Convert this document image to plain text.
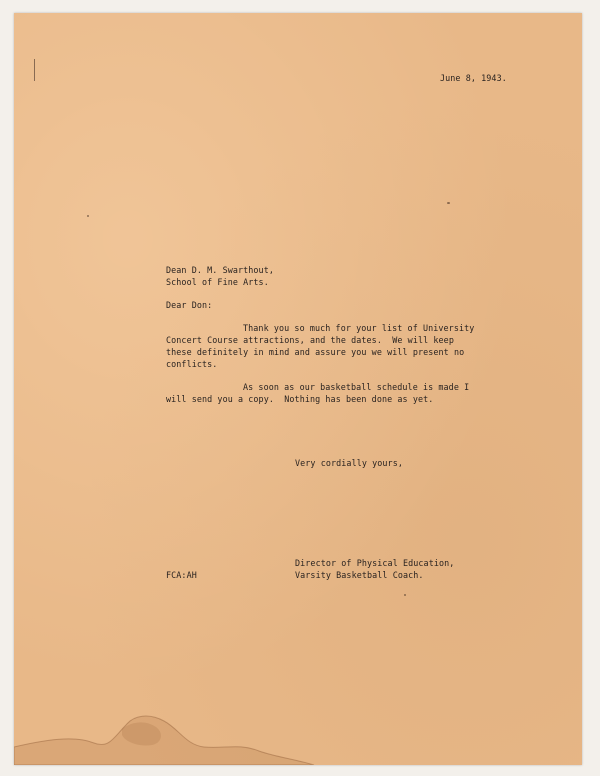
June 8, 1943.
Dean D. M. Swarthout,
School of Fine Arts.
Dear Don:
Thank you so much for your list of University
Concert Course attractions, and the dates.  We will keep
these definitely in mind and assure you we will present no
conflicts.
As soon as our basketball schedule is made I
will send you a copy.  Nothing has been done as yet.
Very cordially yours,
FCA:AH
Director of Physical Education,
Varsity Basketball Coach.
